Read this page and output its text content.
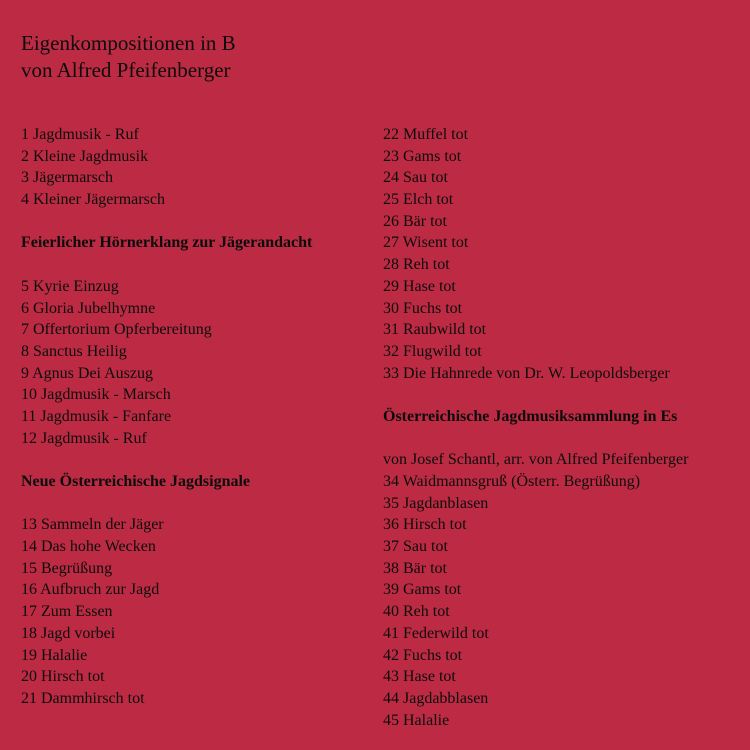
Eigenkompositionen in B
von Alfred Pfeifenberger
1 Jagdmusik - Ruf
2 Kleine Jagdmusik
3 Jägermarsch
4 Kleiner Jägermarsch
Feierlicher Hörnerklang zur Jägerandacht
5 Kyrie Einzug
6 Gloria Jubelhymne
7 Offertorium Opferbereitung
8 Sanctus Heilig
9 Agnus Dei Auszug
10 Jagdmusik - Marsch
11 Jagdmusik - Fanfare
12 Jagdmusik - Ruf
Neue Österreichische Jagdsignale
13 Sammeln der Jäger
14 Das hohe Wecken
15 Begrüßung
16 Aufbruch zur Jagd
17 Zum Essen
18 Jagd vorbei
19 Halalie
20 Hirsch tot
21 Dammhirsch tot
22 Muffel tot
23 Gams tot
24 Sau tot
25 Elch tot
26 Bär tot
27 Wisent tot
28 Reh tot
29 Hase tot
30 Fuchs tot
31 Raubwild tot
32 Flugwild tot
33 Die Hahnrede von Dr. W. Leopoldsberger
Österreichische Jagdmusiksammlung in Es
von Josef Schantl, arr. von Alfred Pfeifenberger
34 Waidmannsgruß (Österr. Begrüßung)
35 Jagdanblasen
36 Hirsch tot
37 Sau tot
38 Bär tot
39 Gams tot
40 Reh tot
41 Federwild tot
42 Fuchs tot
43 Hase tot
44 Jagdabblasen
45 Halalie
